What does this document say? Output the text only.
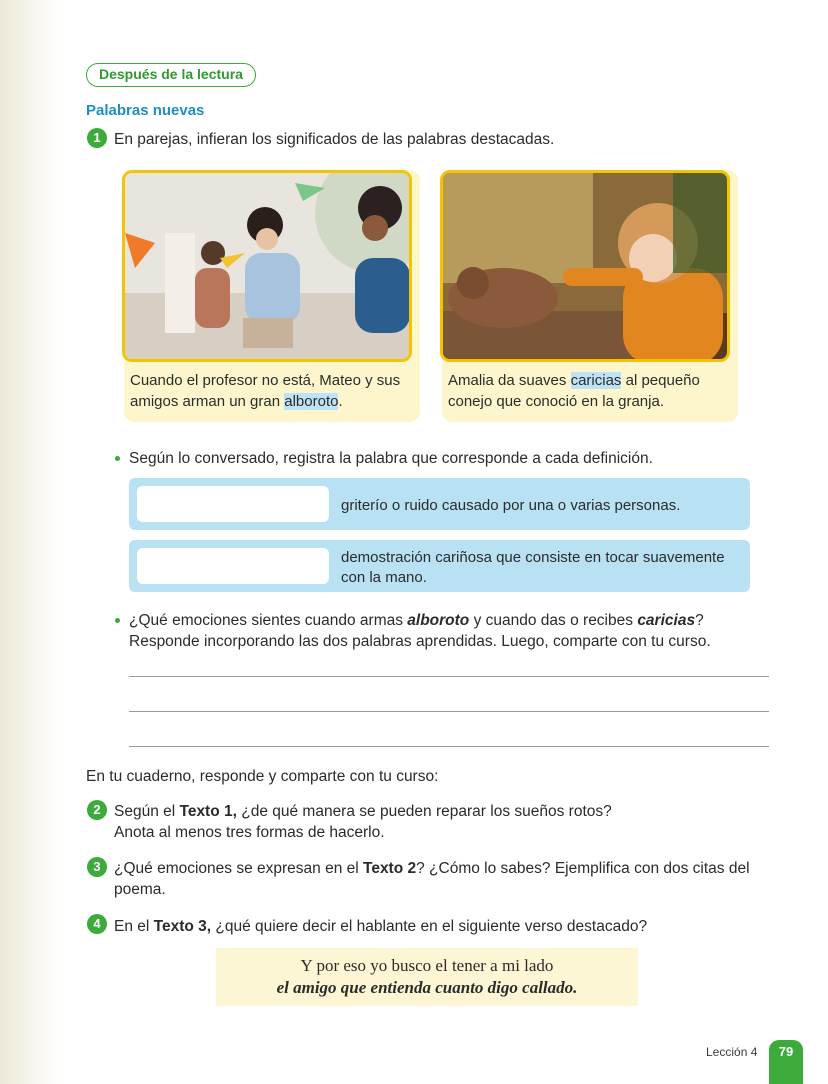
Después de la lectura
Palabras nuevas
1 En parejas, infieran los significados de las palabras destacadas.
Cuando el profesor no está, Mateo y sus amigos arman un gran alboroto.
Amalia da suaves caricias al pequeño conejo que conoció en la granja.
Según lo conversado, registra la palabra que corresponde a cada definición.
griterío o ruido causado por una o varias personas.
demostración cariñosa que consiste en tocar suavemente con la mano.
¿Qué emociones sientes cuando armas alboroto y cuando das o recibes caricias? Responde incorporando las dos palabras aprendidas. Luego, comparte con tu curso.
En tu cuaderno, responde y comparte con tu curso:
2 Según el Texto 1, ¿de qué manera se pueden reparar los sueños rotos?
Anota al menos tres formas de hacerlo.
3 ¿Qué emociones se expresan en el Texto 2? ¿Cómo lo sabes? Ejemplifica con dos citas del poema.
4 En el Texto 3, ¿qué quiere decir el hablante en el siguiente verso destacado?
Y por eso yo busco el tener a mi lado
el amigo que entienda cuanto digo callado.
Lección 4	79
